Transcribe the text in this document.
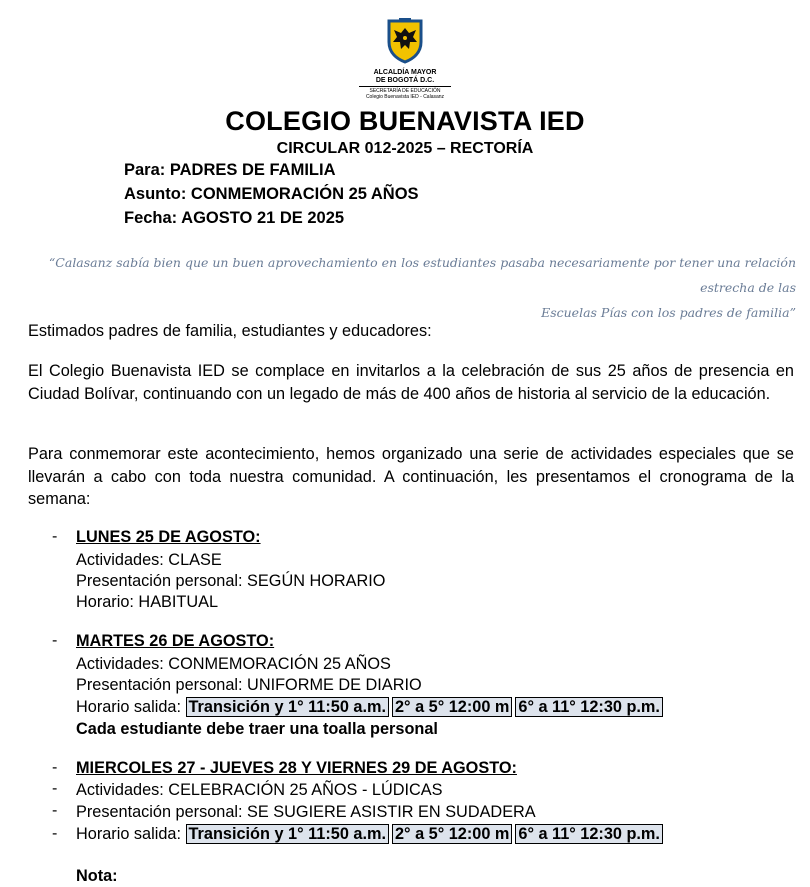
ALCALDÍA MAYOR
DE BOGOTÁ D.C.
SECRETARÍA DE EDUCACIÓN
Colegio Buenavista IED - Calasanz
COLEGIO BUENAVISTA IED
CIRCULAR 012-2025 – RECTORÍA
Para: PADRES DE FAMILIA
Asunto: CONMEMORACIÓN 25 AÑOS
Fecha: AGOSTO 21 DE 2025
“Calasanz sabía bien que un buen aprovechamiento en los estudiantes pasaba necesariamente por tener una relación estrecha de las
Escuelas Pías con los padres de familia”
Estimados padres de familia, estudiantes y educadores:
El Colegio Buenavista IED se complace en invitarlos a la celebración de sus 25 años de presencia en Ciudad Bolívar, continuando con un legado de más de 400 años de historia al servicio de la educación.
Para conmemorar este acontecimiento, hemos organizado una serie de actividades especiales que se llevarán a cabo con toda nuestra comunidad. A continuación, les presentamos el cronograma de la semana:
- LUNES 25 DE AGOSTO:
Actividades: CLASE
Presentación personal: SEGÚN HORARIO
Horario: HABITUAL
- MARTES 26 DE AGOSTO:
Actividades: CONMEMORACIÓN 25 AÑOS
Presentación personal: UNIFORME DE DIARIO
Horario salida: Transición y 1° 11:50 a.m. 2° a 5° 12:00 m 6° a 11° 12:30 p.m.
Cada estudiante debe traer una toalla personal
- MIERCOLES 27 - JUEVES 28 Y VIERNES 29 DE AGOSTO:
- Actividades: CELEBRACIÓN 25 AÑOS - LÚDICAS
- Presentación personal: SE SUGIERE ASISTIR EN SUDADERA
- Horario salida: Transición y 1° 11:50 a.m. 2° a 5° 12:00 m 6° a 11° 12:30 p.m.
Nota:
